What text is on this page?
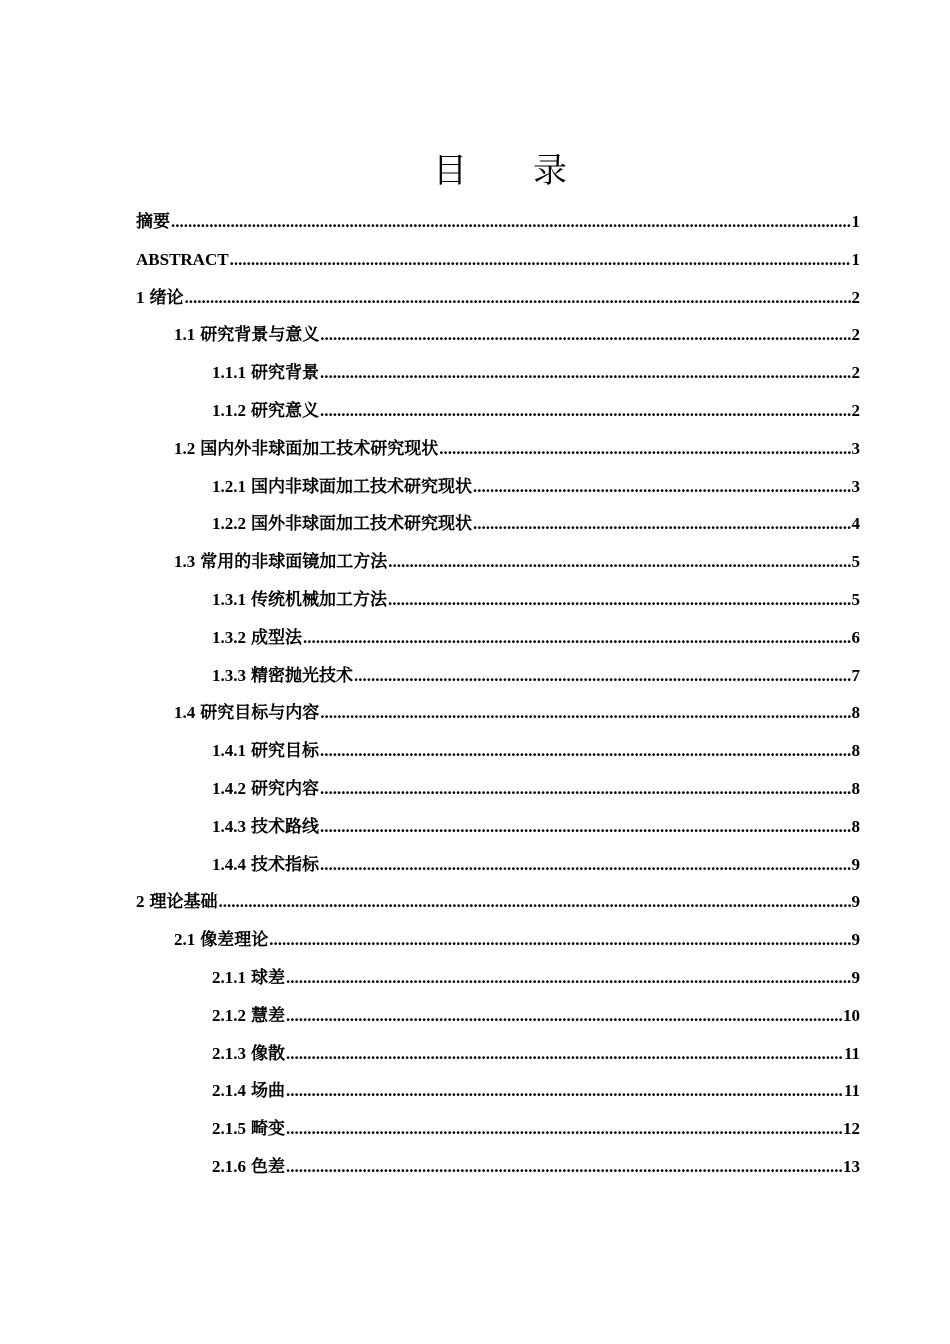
目 录
摘要 .....	1
ABSTRACT .....	1
1 绪论 .....	2
1.1 研究背景与意义 .....	2
1.1.1 研究背景 .....	2
1.1.2 研究意义 .....	2
1.2 国内外非球面加工技术研究现状 .....	3
1.2.1 国内非球面加工技术研究现状 .....	3
1.2.2 国外非球面加工技术研究现状 .....	4
1.3 常用的非球面镜加工方法 .....	5
1.3.1 传统机械加工方法 .....	5
1.3.2 成型法 .....	6
1.3.3 精密抛光技术 .....	7
1.4 研究目标与内容 .....	8
1.4.1 研究目标 .....	8
1.4.2 研究内容 .....	8
1.4.3 技术路线 .....	8
1.4.4 技术指标 .....	9
2 理论基础 .....	9
2.1 像差理论 .....	9
2.1.1 球差 .....	9
2.1.2 慧差 .....	10
2.1.3 像散 .....	11
2.1.4 场曲 .....	11
2.1.5 畸变 .....	12
2.1.6 色差 .....	13
